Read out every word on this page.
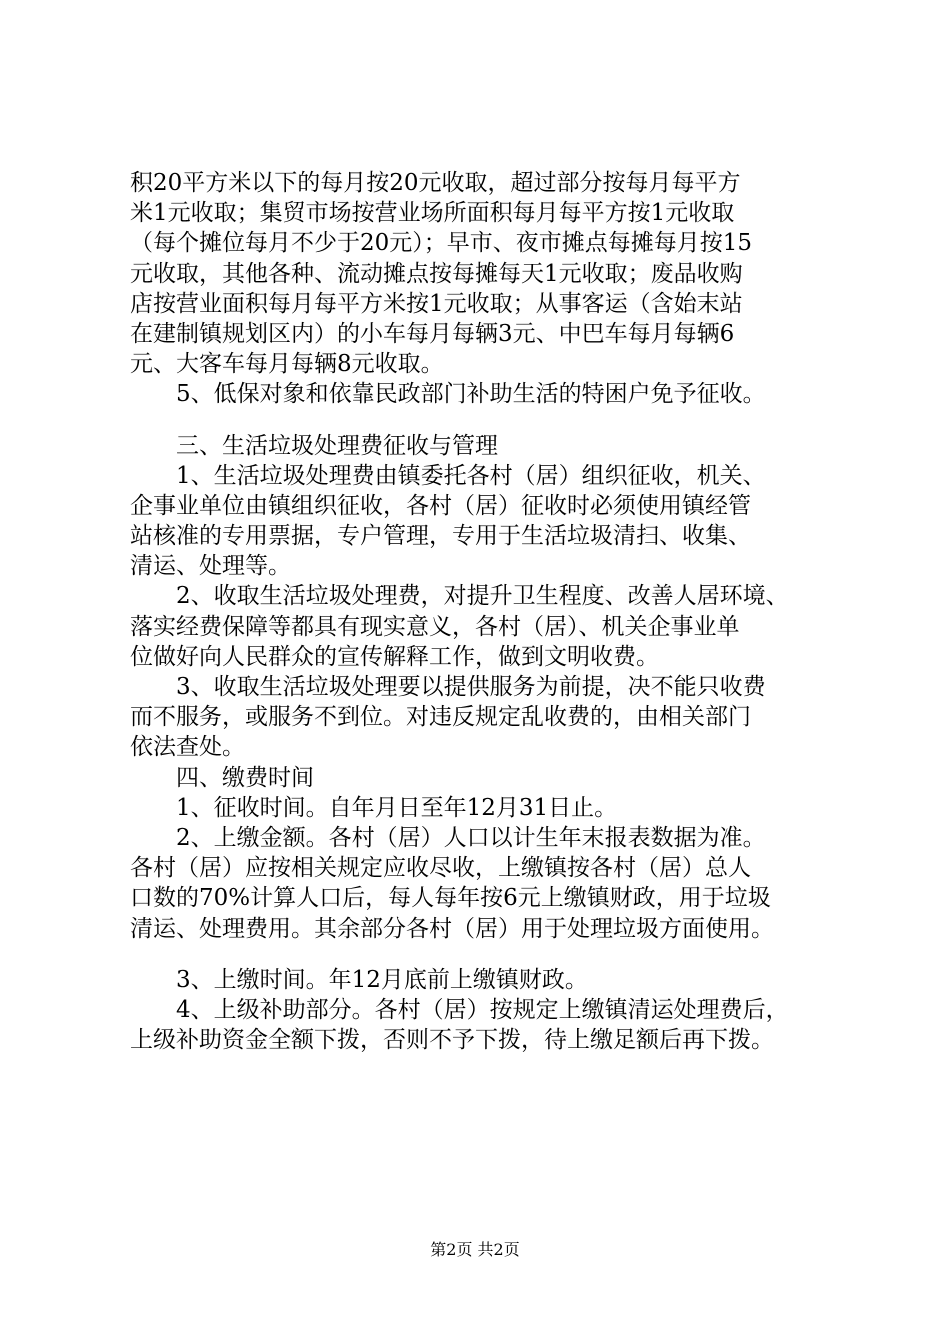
积20平方米以下的每月按20元收取，超过部分按每月每平方
米1元收取；集贸市场按营业场所面积每月每平方按1元收取
（每个摊位每月不少于20元）；早市、夜市摊点每摊每月按15
元收取，其他各种、流动摊点按每摊每天1元收取；废品收购
店按营业面积每月每平方米按1元收取；从事客运（含始末站
在建制镇规划区内）的小车每月每辆3元、中巴车每月每辆6
元、大客车每月每辆8元收取。
5、低保对象和依靠民政部门补助生活的特困户免予征收。
三、生活垃圾处理费征收与管理
1、生活垃圾处理费由镇委托各村（居）组织征收，机关、
企事业单位由镇组织征收，各村（居）征收时必须使用镇经管
站核准的专用票据，专户管理，专用于生活垃圾清扫、收集、
清运、处理等。
2、收取生活垃圾处理费，对提升卫生程度、改善人居环境、
落实经费保障等都具有现实意义，各村（居）、机关企事业单
位做好向人民群众的宣传解释工作，做到文明收费。
3、收取生活垃圾处理要以提供服务为前提，决不能只收费
而不服务，或服务不到位。对违反规定乱收费的，由相关部门
依法查处。
四、缴费时间
1、征收时间。自年月日至年12月31日止。
2、上缴金额。各村（居）人口以计生年末报表数据为准。
各村（居）应按相关规定应收尽收，上缴镇按各村（居）总人
口数的70%计算人口后，每人每年按6元上缴镇财政，用于垃圾
清运、处理费用。其余部分各村（居）用于处理垃圾方面使用。
3、上缴时间。年12月底前上缴镇财政。
4、上级补助部分。各村（居）按规定上缴镇清运处理费后，
上级补助资金全额下拨，否则不予下拨，待上缴足额后再下拨。
第2页 共2页
